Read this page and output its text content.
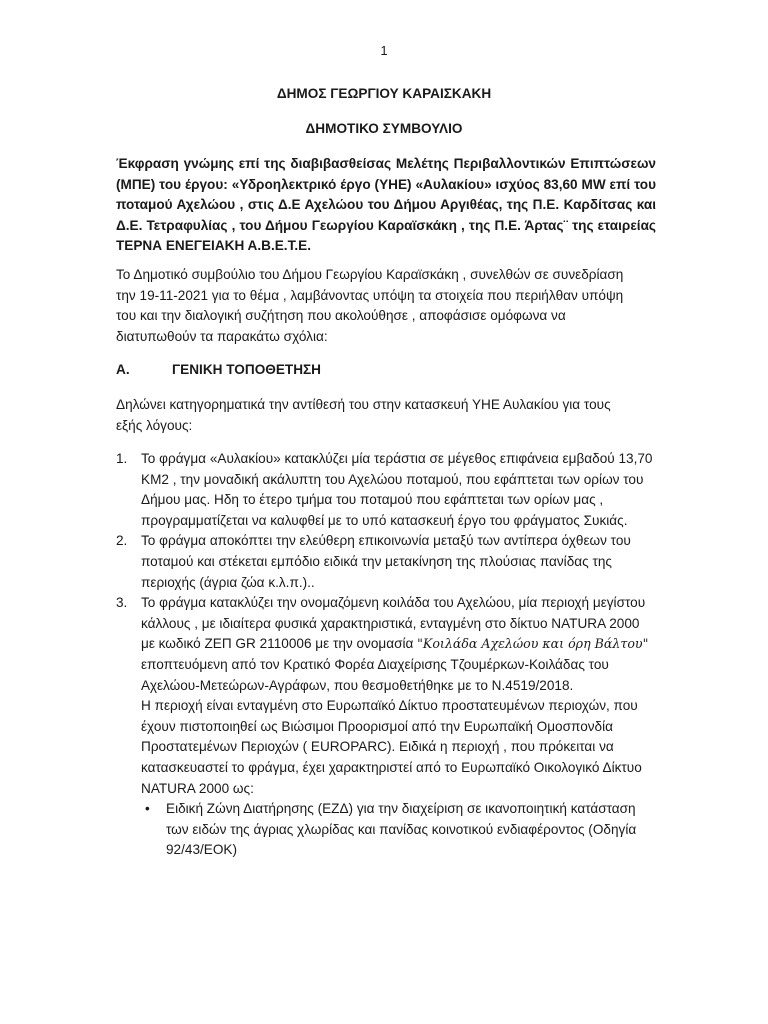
1
ΔΗΜΟΣ ΓΕΩΡΓΙΟΥ ΚΑΡΑΙΣΚΑΚΗ
ΔΗΜΟΤΙΚΟ ΣΥΜΒΟΥΛΙΟ
Έκφραση γνώμης επί της διαβιβασθείσας Μελέτης Περιβαλλοντικών Επιπτώσεων (ΜΠΕ) του έργου: «Υδροηλεκτρικό έργο (ΥΗΕ) «Αυλακίου» ισχύος 83,60 MW επί του ποταμού Αχελώου , στις Δ.Ε Αχελώου του Δήμου Αργιθέας, της Π.Ε. Καρδίτσας και Δ.Ε. Τετραφυλίας , του Δήμου Γεωργίου Καραϊσκάκη , της Π.Ε. Άρτας¨ της εταιρείας ΤΕΡΝΑ ΕΝΕΓΕΙΑΚΗ Α.Β.Ε.Τ.Ε.
Το Δημοτικό συμβούλιο του Δήμου Γεωργίου Καραϊσκάκη , συνελθών σε συνεδρίαση την 19-11-2021 για το θέμα , λαμβάνοντας υπόψη τα στοιχεία που περιήλθαν υπόψη του και την διαλογική συζήτηση που ακολούθησε , αποφάσισε ομόφωνα να διατυπωθούν τα παρακάτω σχόλια:
Α.	ΓΕΝΙΚΗ ΤΟΠΟΘΕΤΗΣΗ
Δηλώνει κατηγορηματικά την αντίθεσή του στην κατασκευή ΥΗΕ Αυλακίου για τους εξής λόγους:
1. Το φράγμα «Αυλακίου» κατακλύζει μία τεράστια σε μέγεθος επιφάνεια εμβαδού 13,70 ΚΜ2 , την μοναδική ακάλυπτη του Αχελώου ποταμού, που εφάπτεται των ορίων του Δήμου μας. Ηδη το έτερο τμήμα του ποταμού που εφάπτεται των ορίων μας , προγραμματίζεται να καλυφθεί με το υπό κατασκευή έργο του φράγματος Συκιάς.

2. Το φράγμα αποκόπτει την ελεύθερη επικοινωνία μεταξύ των αντίπερα όχθεων του ποταμού και στέκεται εμπόδιο ειδικά την μετακίνηση της πλούσιας πανίδας της περιοχής (άγρια ζώα κ.λ.π.)..

3. Το φράγμα κατακλύζει την ονομαζόμενη κοιλάδα του Αχελώου, μία περιοχή μεγίστου κάλλους , με ιδιαίτερα φυσικά χαρακτηριστικά, ενταγμένη στο δίκτυο NATURA 2000 με κωδικό ΖΕΠ GR 2110006 με την ονομασία "Κοιλάδα Αχελώου και όρη Βάλτου" εποπτευόμενη από τον Κρατικό Φορέα Διαχείρισης Τζουμέρκων-Κοιλάδας του Αχελώου-Μετεώρων-Αγράφων, που θεσμοθετήθηκε με το Ν.4519/2018.

Η περιοχή είναι ενταγμένη στο Ευρωπαϊκό Δίκτυο προστατευμένων περιοχών, που έχουν πιστοποιηθεί ως Βιώσιμοι Προορισμοί από την Ευρωπαϊκή Ομοσπονδία Προστατεμένων Περιοχών ( EUROPARC). Ειδικά η περιοχή , που πρόκειται να κατασκευαστεί το φράγμα, έχει χαρακτηριστεί από το Ευρωπαϊκό Οικολογικό Δίκτυο NATURA 2000 ως:

• Ειδική Ζώνη Διατήρησης (ΕΖΔ) για την διαχείριση σε ικανοποιητική κατάσταση των ειδών της άγριας χλωρίδας και πανίδας κοινοτικού ενδιαφέροντος (Οδηγία 92/43/ΕΟΚ)
